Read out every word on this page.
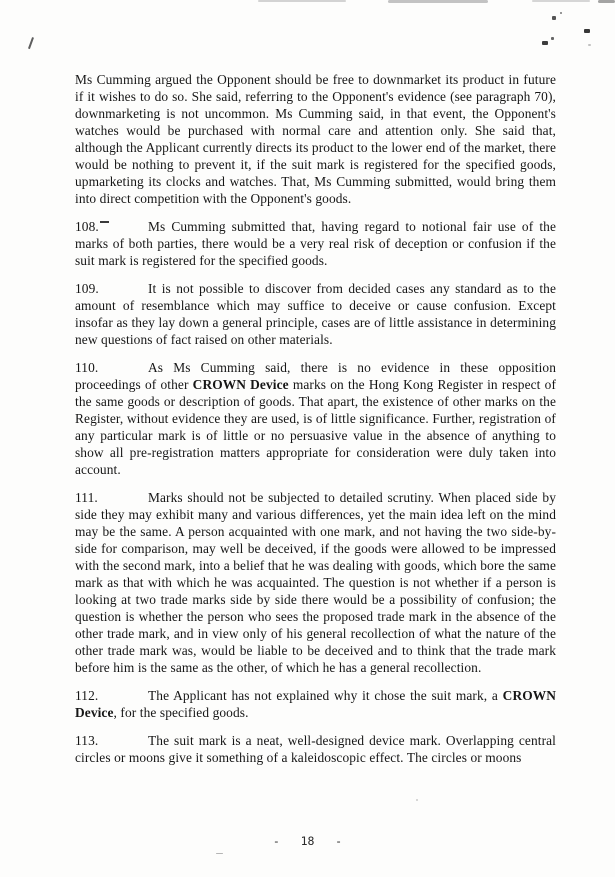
Ms Cumming argued the Opponent should be free to downmarket its product in future if it wishes to do so. She said, referring to the Opponent's evidence (see paragraph 70), downmarketing is not uncommon. Ms Cumming said, in that event, the Opponent's watches would be purchased with normal care and attention only. She said that, although the Applicant currently directs its product to the lower end of the market, there would be nothing to prevent it, if the suit mark is registered for the specified goods, upmarketing its clocks and watches. That, Ms Cumming submitted, would bring them into direct competition with the Opponent's goods.

108.	Ms Cumming submitted that, having regard to notional fair use of the marks of both parties, there would be a very real risk of deception or confusion if the suit mark is registered for the specified goods.

109.	It is not possible to discover from decided cases any standard as to the amount of resemblance which may suffice to deceive or cause confusion. Except insofar as they lay down a general principle, cases are of little assistance in determining new questions of fact raised on other materials.

110.	As Ms Cumming said, there is no evidence in these opposition proceedings of other CROWN Device marks on the Hong Kong Register in respect of the same goods or description of goods. That apart, the existence of other marks on the Register, without evidence they are used, is of little significance. Further, registration of any particular mark is of little or no persuasive value in the absence of anything to show all pre-registration matters appropriate for consideration were duly taken into account.

111.	Marks should not be subjected to detailed scrutiny. When placed side by side they may exhibit many and various differences, yet the main idea left on the mind may be the same. A person acquainted with one mark, and not having the two side-by-side for comparison, may well be deceived, if the goods were allowed to be impressed with the second mark, into a belief that he was dealing with goods, which bore the same mark as that with which he was acquainted. The question is not whether if a person is looking at two trade marks side by side there would be a possibility of confusion; the question is whether the person who sees the proposed trade mark in the absence of the other trade mark, and in view only of his general recollection of what the nature of the other trade mark was, would be liable to be deceived and to think that the trade mark before him is the same as the other, of which he has a general recollection.

112.	The Applicant has not explained why it chose the suit mark, a CROWN Device, for the specified goods.

113.	The suit mark is a neat, well-designed device mark. Overlapping central circles or moons give it something of a kaleidoscopic effect. The circles or moons

-   18   -
